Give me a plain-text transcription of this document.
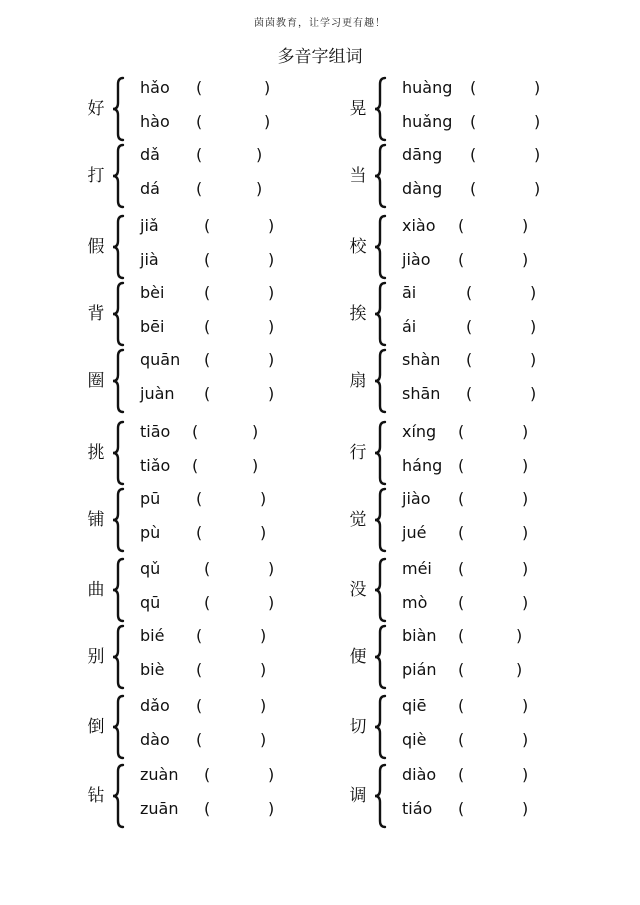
茵茵教育，让学习更有趣！
多音字组词
好
hǎo (	)
hào (	)
打
dǎ (	)
dá (	)
假
jiǎ	(	)
jià	(	)
背
bèi (	)
bēi (	)
圈
quān (	)
juàn (	)
挑
tiāo (	)
tiǎo (	)
铺
pū (	)
pù (	)
曲
qǔ	(	)
qū	(	)
别
bié (	)
biè (	)
倒
dǎo (	)
dào (	)
钻
zuàn (	)
zuān (	)
晃
huàng (	)
huǎng (	)
当
dāng (	)
dàng (	)
校
xiào (	)
jiào (	)
挨
āi	(	)
ái	(	)
扇
shàn (	)
shān (	)
行
xíng (	)
háng (	)
觉
jiào (	)
jué (	)
没
méi (	)
mò (	)
便
biàn (	)
pián (	)
切
qiē (	)
qiè (	)
调
diào (	)
tiáo (	)
